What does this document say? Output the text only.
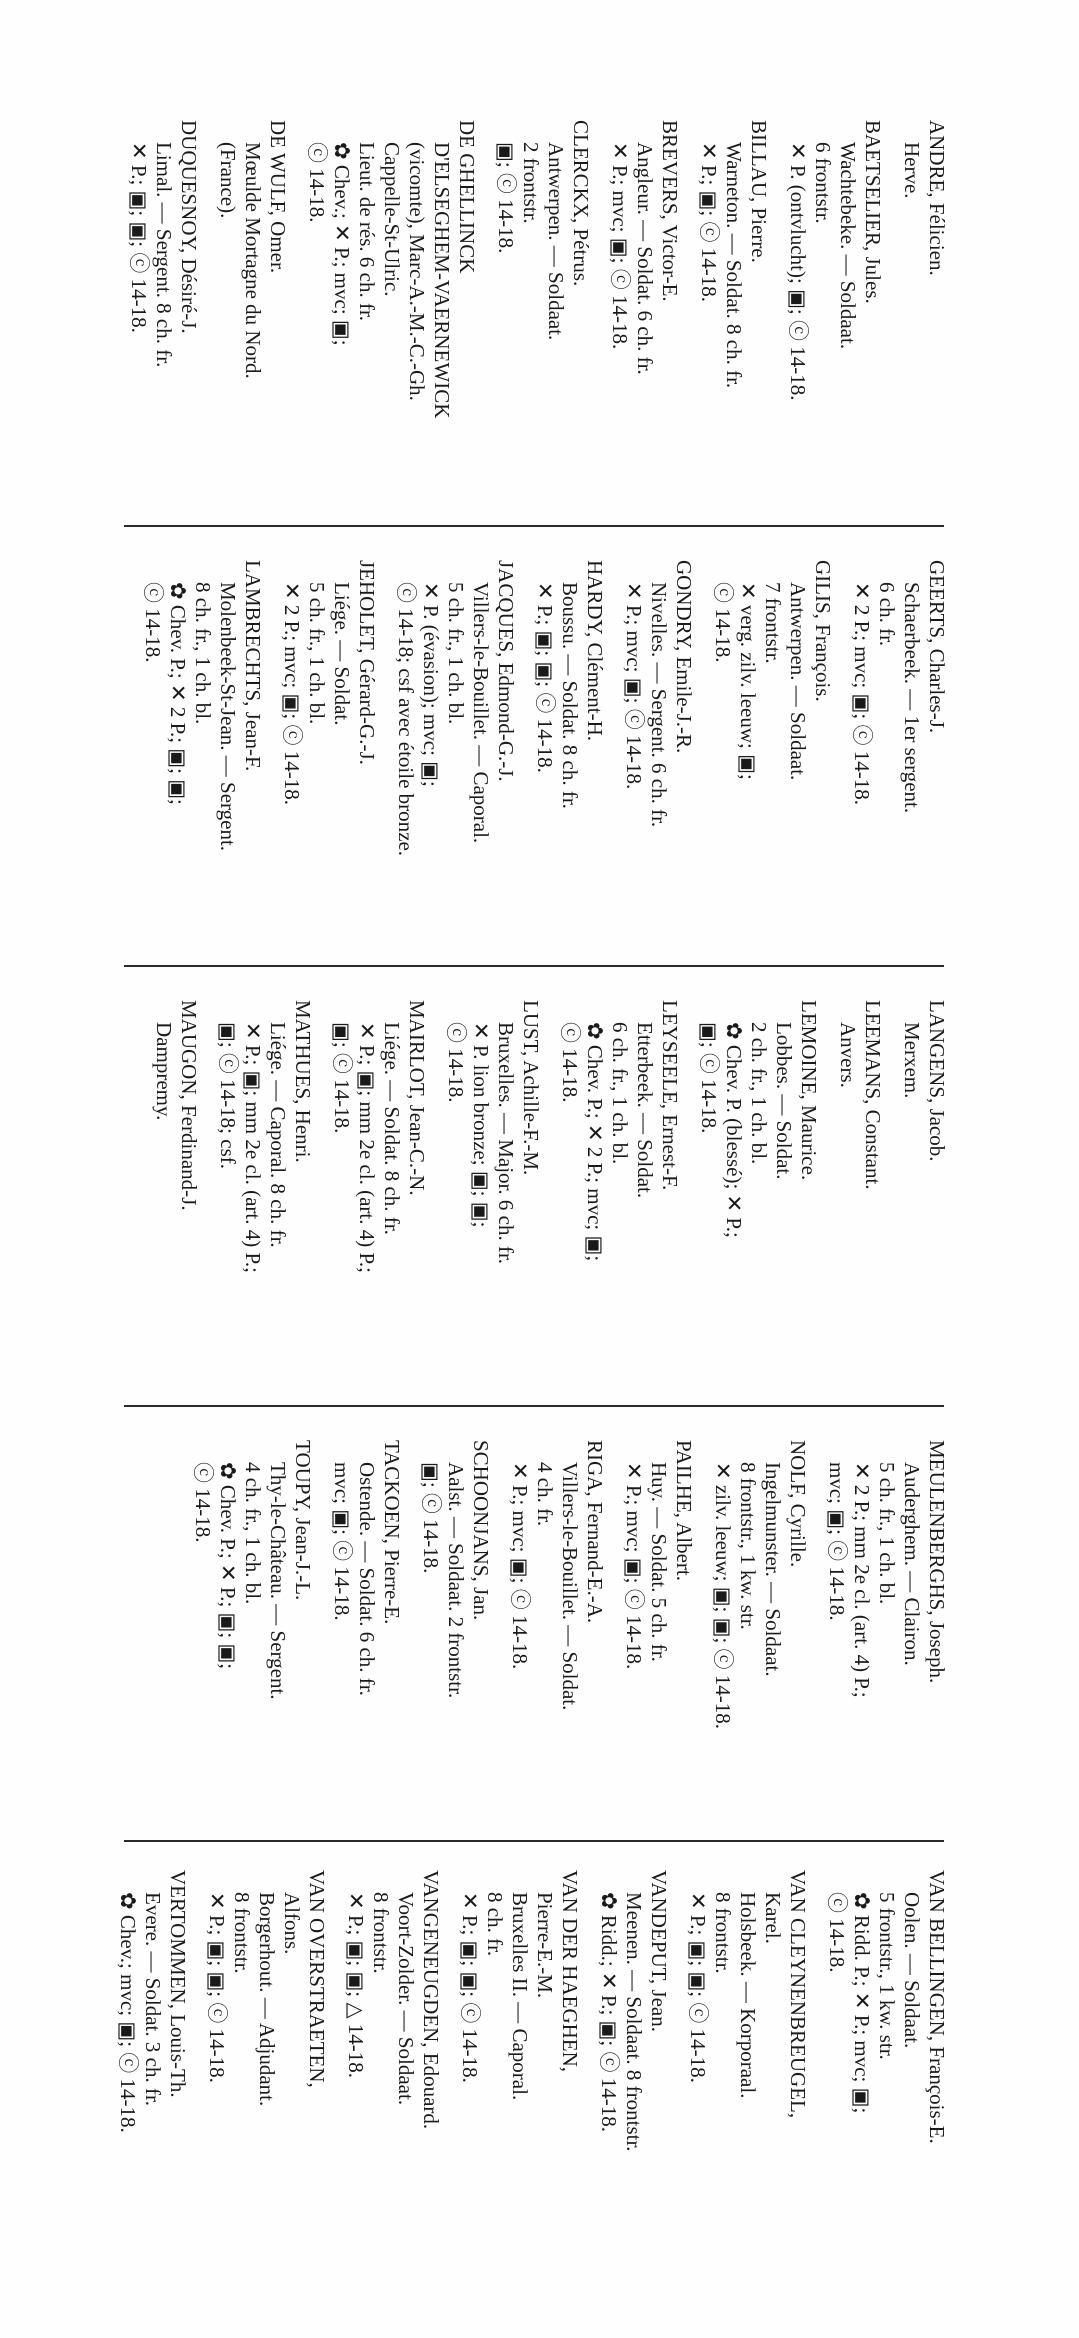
ANDRE, Félicien.
Herve.
BAETSELIER, Jules.
Wachtebeke. — Soldaat.
6 frontstr.
✕ P. (ontvlucht); ▣; ⓒ 14-18.
BILLAU, Pierre.
Warneton. — Soldat. 8 ch. fr.
✕ P.; ▣; ⓒ 14-18.
BREVERS, Victor-E.
Angleur. — Soldat. 6 ch. fr.
✕ P.; mvc; ▣; ⓒ 14-18.
CLERCKX, Pétrus.
Antwerpen. — Soldaat.
2 frontstr.
▣; ⓒ 14-18.
DE GHELLINCK
D'ELSEGHEM-VAERNEWICK
(vicomte), Marc-A.-M.-C.-Gh.
Cappelle-St-Ulric.
Lieut. de rés. 6 ch. fr.
✿ Chev.; ✕ P.; mvc; ▣;
ⓒ 14-18.
DE WULF, Omer.
Mœulde Mortagne du Nord.
(France).
DUQUESNOY, Désiré-J.
Limal. — Sergent. 8 ch. fr.
✕ P.; ▣; ▣; ⓒ 14-18.
GEERTS, Charles-J.
Schaerbeek. — 1er sergent.
6 ch. fr.
✕ 2 P.; mvc; ▣; ⓒ 14-18.
GILIS, François.
Antwerpen. — Soldaat.
7 frontstr.
✕ verg. zilv. leeuw; ▣;
ⓒ 14-18.
GONDRY, Emile-J.-R.
Nivelles. — Sergent. 6 ch. fr.
✕ P.; mvc; ▣; ⓒ 14-18.
HARDY, Clément-H.
Boussu. — Soldat. 8 ch. fr.
✕ P.; ▣; ▣; ⓒ 14-18.
JACQUES, Edmond-G.-J.
Villers-le-Bouillet. — Caporal.
5 ch. fr., 1 ch. bl.
✕ P. (évasion); mvc; ▣;
ⓒ 14-18; csf avec étoile bronze.
JEHOLET, Gérard-G.-J.
Liége. — Soldat.
5 ch. fr., 1 ch. bl.
✕ 2 P.; mvc; ▣; ⓒ 14-18.
LAMBRECHTS, Jean-F.
Molenbeek-St-Jean. — Sergent.
8 ch. fr., 1 ch. bl.
✿ Chev. P.; ✕ 2 P.; ▣; ▣;
ⓒ 14-18.
LANGENS, Jacob.
Merxem.
LEEMANS, Constant.
Anvers.
LEMOINE, Maurice.
Lobbes. — Soldat.
2 ch. fr., 1 ch. bl.
✿ Chev. P. (blessé); ✕ P.;
▣; ⓒ 14-18.
LEYSEELE, Ernest-F.
Etterbeek. — Soldat.
6 ch. fr., 1 ch. bl.
✿ Chev. P.; ✕ 2 P.; mvc; ▣;
ⓒ 14-18.
LUST, Achille-F.-M.
Bruxelles. — Major. 6 ch. fr.
✕ P. lion bronze; ▣; ▣;
ⓒ 14-18.
MAIRLOT, Jean-C.-N.
Liége. — Soldat. 8 ch. fr.
✕ P.; ▣; mm 2e cl. (art. 4) P.;
▣; ⓒ 14-18.
MATHUES, Henri.
Liége. — Caporal. 8 ch. fr.
✕ P.; ▣; mm 2e cl. (art. 4) P.;
▣; ⓒ 14-18; csf.
MAUGON, Ferdinand-J.
Dampremy.
MEULENBERGHS, Joseph.
Auderghem. — Clairon.
5 ch. fr., 1 ch. bl.
✕ 2 P.; mm 2e cl. (art. 4) P.;
mvc; ▣; ⓒ 14-18.
NOLF, Cyrille.
Ingelmunster. — Soldaat.
8 frontstr., 1 kw. str.
✕ zilv. leeuw; ▣; ▣; ⓒ 14-18.
PAILHE, Albert.
Huy. — Soldat. 5 ch. fr.
✕ P.; mvc; ▣; ⓒ 14-18.
RIGA, Fernand-E.-A.
Villers-le-Bouillet. — Soldat.
4 ch. fr.
✕ P.; mvc; ▣; ⓒ 14-18.
SCHOONJANS, Jan.
Aalst. — Soldaat. 2 frontstr.
▣; ⓒ 14-18.
TACKOEN, Pierre-E.
Ostende. — Soldat. 6 ch. fr.
mvc; ▣; ⓒ 14-18.
TOUPY, Jean-J.-L.
Thy-le-Château. — Sergent.
4 ch. fr., 1 ch. bl.
✿ Chev. P.; ✕ P.; ▣; ▣;
ⓒ 14-18.
VAN BELLINGEN, François-E.
Oolen. — Soldaat.
5 frontstr., 1 kw. str.
✿ Ridd. P.; ✕ P.; mvc; ▣;
ⓒ 14-18.
VAN CLEYNENBREUGEL,
Karel.
Holsbeek. — Korporaal.
8 frontstr.
✕ P.; ▣; ▣; ⓒ 14-18.
VANDEPUT, Jean.
Meenen. — Soldaat. 8 frontstr.
✿ Ridd.; ✕ P.; ▣; ⓒ 14-18.
VAN DER HAEGHEN,
Pierre-E.-M.
Bruxelles II. — Caporal.
8 ch. fr.
✕ P.; ▣; ▣; ⓒ 14-18.
VANGENEUGDEN, Edouard.
Voort-Zolder. — Soldaat.
8 frontstr.
✕ P.; ▣; ▣; △ 14-18.
VAN OVERSTRAETEN,
Alfons.
Borgerhout. — Adjudant.
8 frontstr.
✕ P.; ▣; ▣; ⓒ 14-18.
VERTOMMEN, Louis-Th.
Evere. — Soldat. 3 ch. fr.
✿ Chev.; mvc; ▣; ⓒ 14-18.
